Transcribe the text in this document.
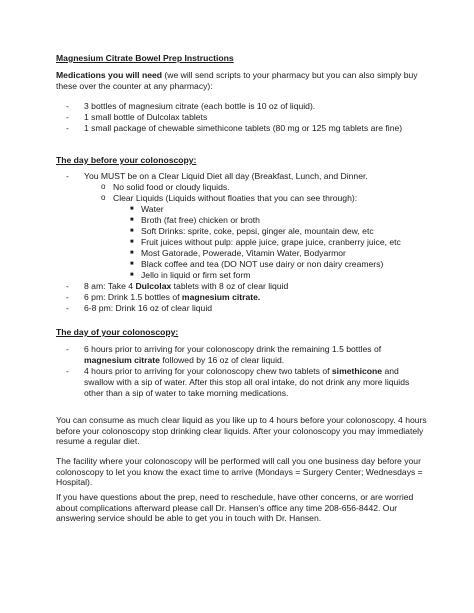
Magnesium Citrate Bowel Prep Instructions
Medications you will need (we will send scripts to your pharmacy but you can also simply buy these over the counter at any pharmacy):
-	3 bottles of magnesium citrate (each bottle is 10 oz of liquid).
-	1 small bottle of Dulcolax tablets
-	1 small package of chewable simethicone tablets (80 mg or 125 mg tablets are fine)
The day before your colonoscopy:
-	You MUST be on a Clear Liquid Diet all day (Breakfast, Lunch, and Dinner.
o No solid food or cloudy liquids.
o Clear Liquids (Liquids without floaties that you can see through):
■ Water
■ Broth (fat free) chicken or broth
■ Soft Drinks: sprite, coke, pepsi, ginger ale, mountain dew, etc
■ Fruit juices without pulp: apple juice, grape juice, cranberry juice, etc
■ Most Gatorade, Powerade, Vitamin Water, Bodyarmor
■ Black coffee and tea (DO NOT use dairy or non dairy creamers)
■ Jello in liquid or firm set form
-	8 am: Take 4 Dulcolax tablets with 8 oz of clear liquid
-	6 pm: Drink 1.5 bottles of magnesium citrate.
-	6-8 pm: Drink 16 oz of clear liquid
The day of your colonoscopy:
-	6 hours prior to arriving for your colonoscopy drink the remaining 1.5 bottles of
magnesium citrate followed by 16 oz of clear liquid.
-	4 hours prior to arriving for your colonoscopy chew two tablets of simethicone and
swallow with a sip of water. After this stop all oral intake, do not drink any more liquids
other than a sip of water to take morning medications.
You can consume as much clear liquid as you like up to 4 hours before your colonoscopy. 4 hours before your colonoscopy stop drinking clear liquids. After your colonoscopy you may immediately resume a regular diet.
The facility where your colonoscopy will be performed will call you one business day before your colonoscopy to let you know the exact time to arrive (Mondays = Surgery Center; Wednesdays = Hospital).
If you have questions about the prep, need to reschedule, have other concerns, or are worried about complications afterward please call Dr. Hansen's office any time 208-656-8442. Our answering service should be able to get you in touch with Dr. Hansen.
